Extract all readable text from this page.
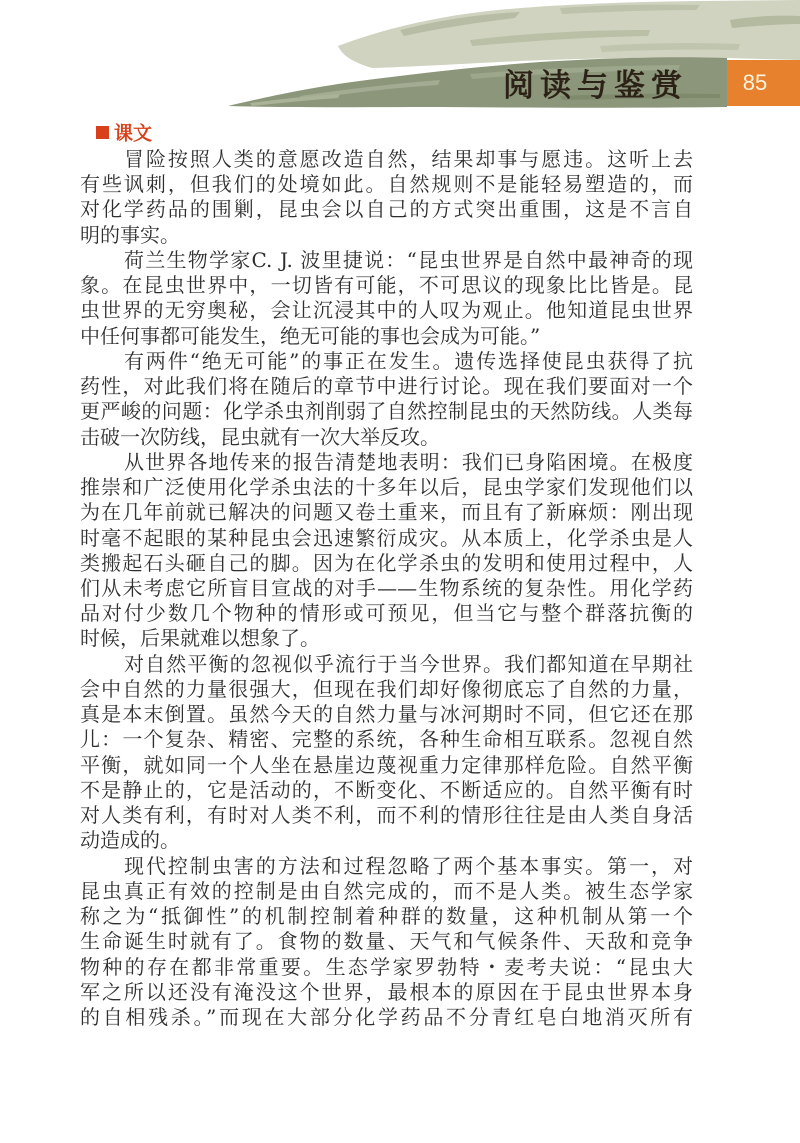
阅读与鉴赏	85
课文
冒险按照人类的意愿改造自然，结果却事与愿违。这听上去
有些讽刺，但我们的处境如此。自然规则不是能轻易塑造的，而
对化学药品的围剿，昆虫会以自己的方式突出重围，这是不言自
明的事实。
荷兰生物学家C. J. 波里捷说：“昆虫世界是自然中最神奇的现
象。在昆虫世界中，一切皆有可能，不可思议的现象比比皆是。昆
虫世界的无穷奥秘，会让沉浸其中的人叹为观止。他知道昆虫世界
中任何事都可能发生，绝无可能的事也会成为可能。”
有两件“绝无可能”的事正在发生。遗传选择使昆虫获得了抗
药性，对此我们将在随后的章节中进行讨论。现在我们要面对一个
更严峻的问题：化学杀虫剂削弱了自然控制昆虫的天然防线。人类每
击破一次防线，昆虫就有一次大举反攻。
从世界各地传来的报告清楚地表明：我们已身陷困境。在极度
推崇和广泛使用化学杀虫法的十多年以后，昆虫学家们发现他们以
为在几年前就已解决的问题又卷土重来，而且有了新麻烦：刚出现
时毫不起眼的某种昆虫会迅速繁衍成灾。从本质上，化学杀虫是人
类搬起石头砸自己的脚。因为在化学杀虫的发明和使用过程中，人
们从未考虑它所盲目宣战的对手——生物系统的复杂性。用化学药
品对付少数几个物种的情形或可预见，但当它与整个群落抗衡的
时候，后果就难以想象了。
对自然平衡的忽视似乎流行于当今世界。我们都知道在早期社
会中自然的力量很强大，但现在我们却好像彻底忘了自然的力量，
真是本末倒置。虽然今天的自然力量与冰河期时不同，但它还在那
儿：一个复杂、精密、完整的系统，各种生命相互联系。忽视自然
平衡，就如同一个人坐在悬崖边蔑视重力定律那样危险。自然平衡
不是静止的，它是活动的，不断变化、不断适应的。自然平衡有时
对人类有利，有时对人类不利，而不利的情形往往是由人类自身活
动造成的。
现代控制虫害的方法和过程忽略了两个基本事实。第一，对
昆虫真正有效的控制是由自然完成的，而不是人类。被生态学家
称之为“抵御性”的机制控制着种群的数量，这种机制从第一个
生命诞生时就有了。食物的数量、天气和气候条件、天敌和竞争
物种的存在都非常重要。生态学家罗勃特・麦考夫说：“昆虫大
军之所以还没有淹没这个世界，最根本的原因在于昆虫世界本身
的自相残杀。”而现在大部分化学药品不分青红皂白地消灭所有
